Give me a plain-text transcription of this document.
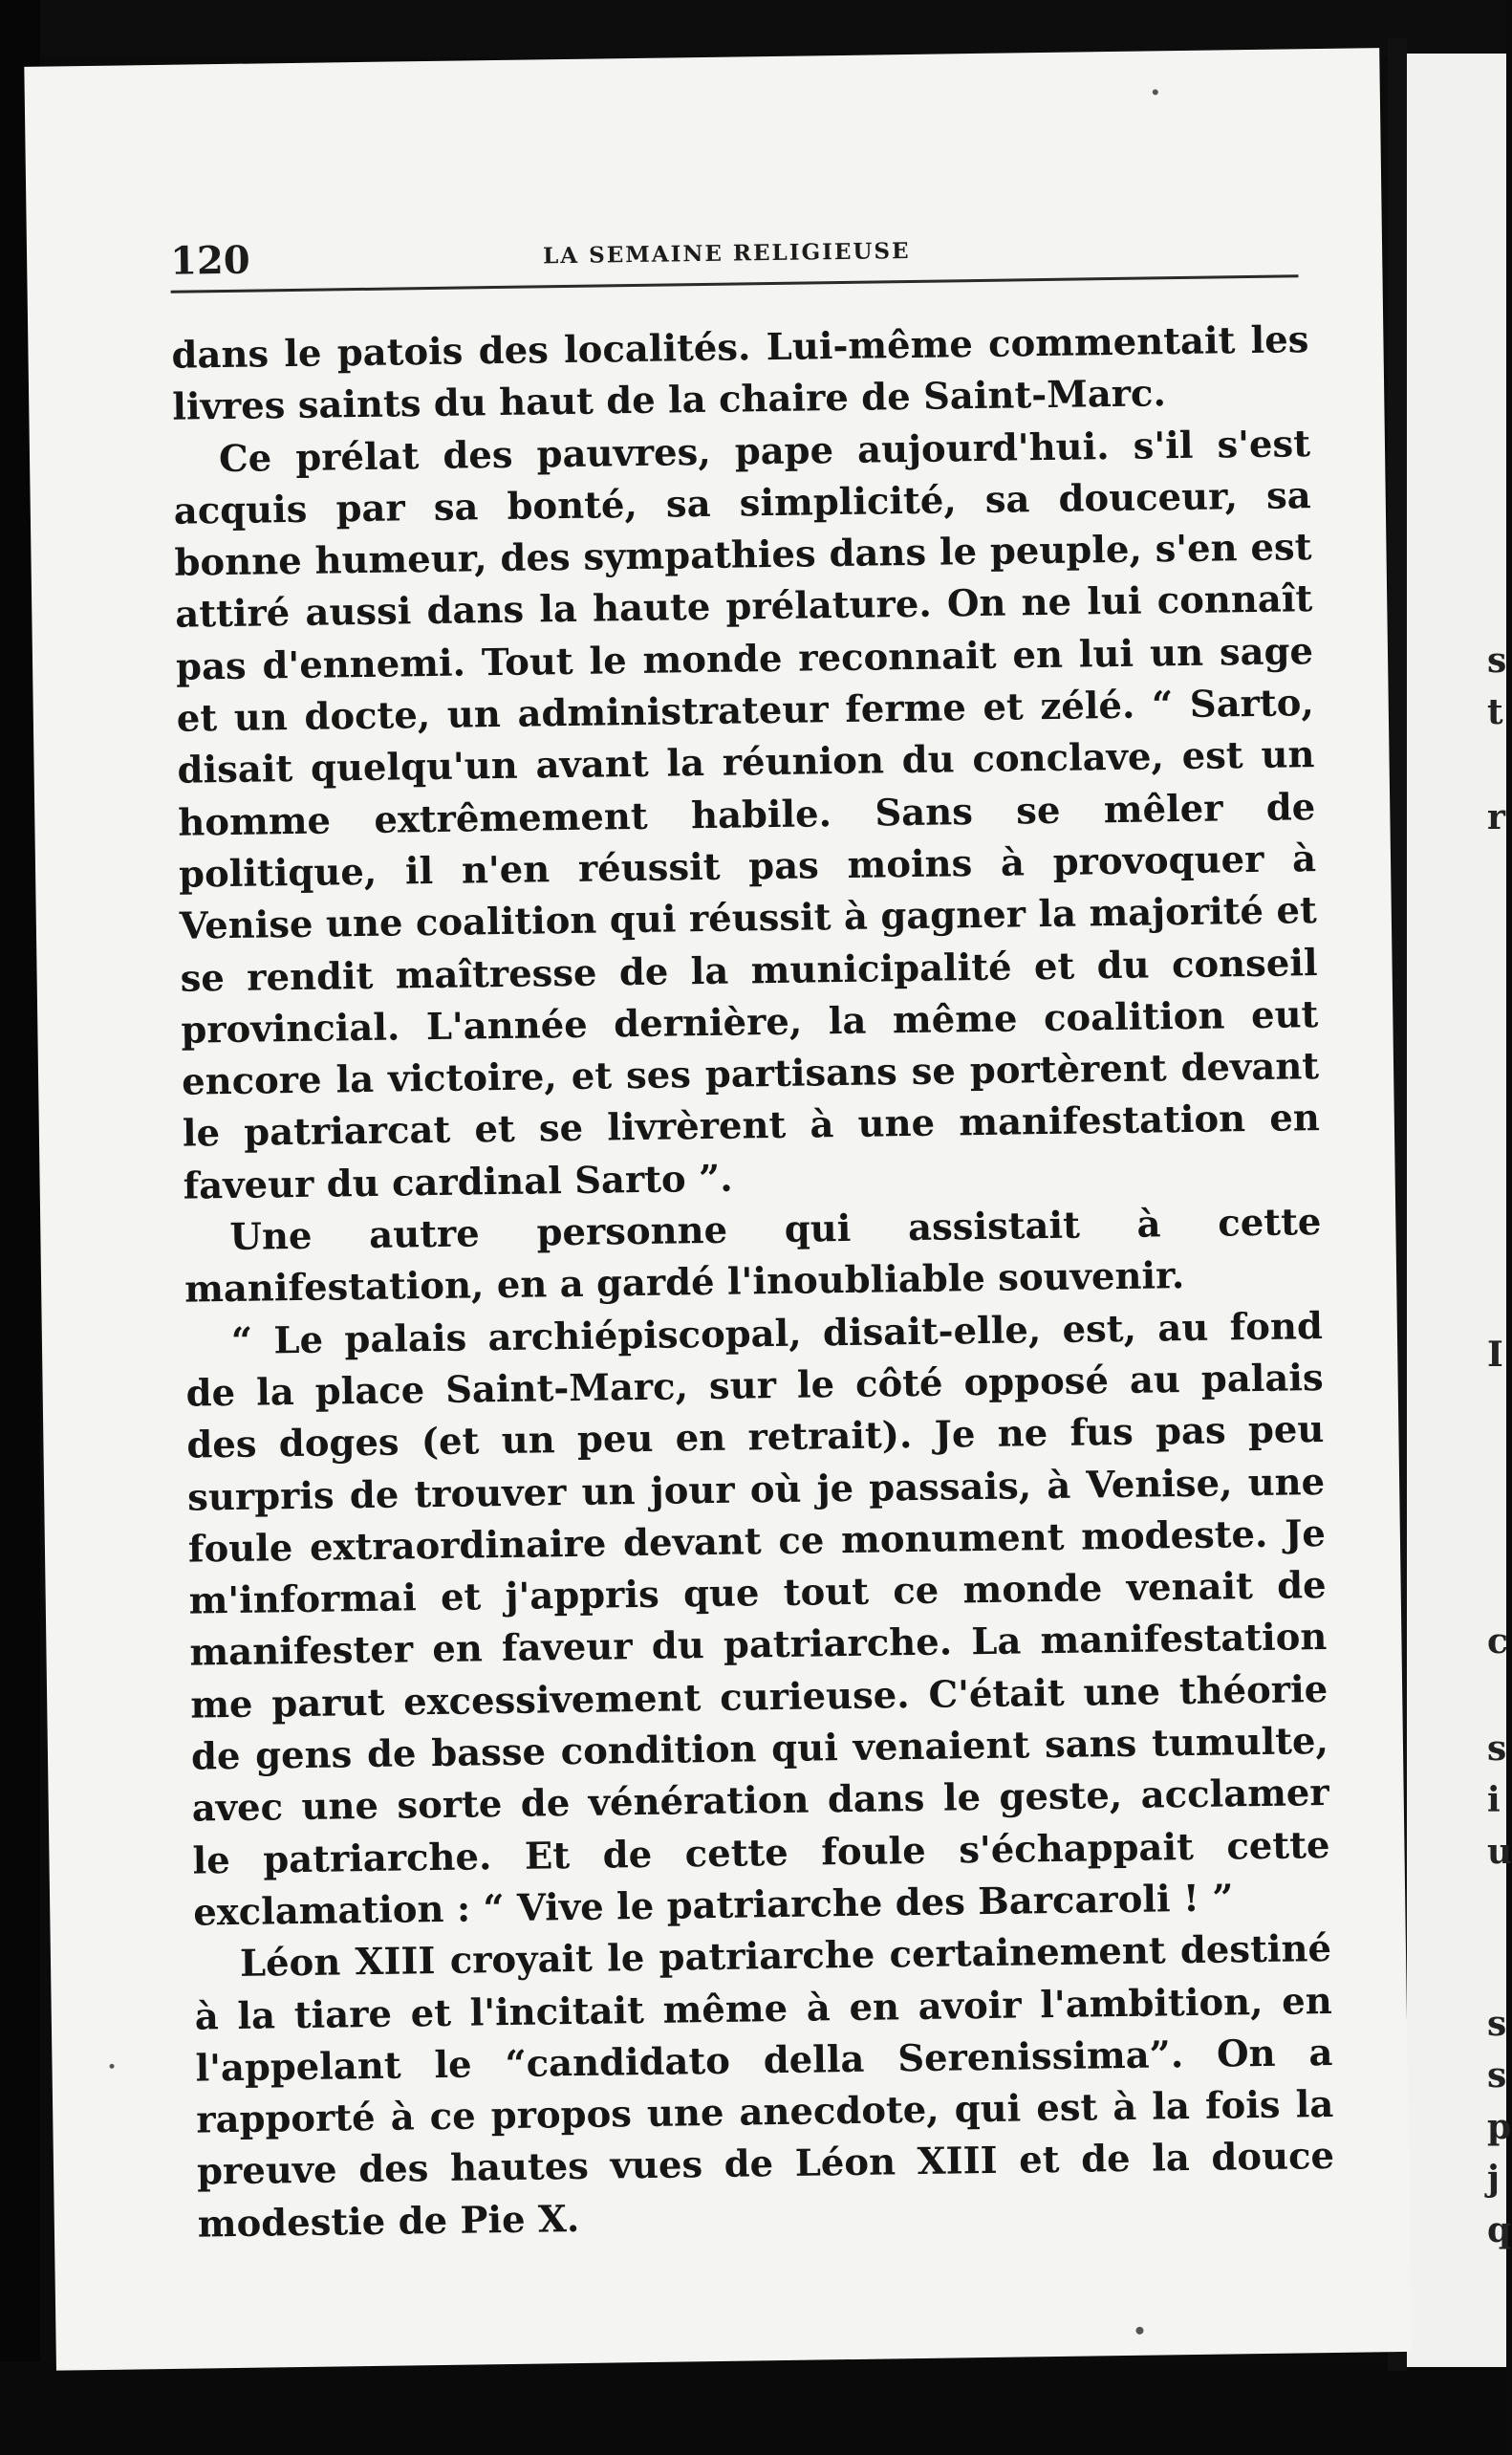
s
t
r
I
c
s
i
u
s
s
p
j
q
120	LA SEMAINE RELIGIEUSE

dans le patois des localités. Lui-même commentait les livres saints du haut de la chaire de Saint-Marc.

Ce prélat des pauvres, pape aujourd'hui. s'il s'est acquis par sa bonté, sa simplicité, sa douceur, sa bonne humeur, des sympathies dans le peuple, s'en est attiré aussi dans la haute prélature. On ne lui connaît pas d'ennemi. Tout le monde reconnait en lui un sage et un docte, un administrateur ferme et zélé. “ Sarto, disait quelqu'un avant la réunion du conclave, est un homme extrêmement habile. Sans se mêler de politique, il n'en réussit pas moins à provoquer à Venise une coalition qui réussit à gagner la majorité et se rendit maîtresse de la municipalité et du conseil provincial. L'année dernière, la même coalition eut encore la victoire, et ses partisans se portèrent devant le patriarcat et se livrèrent à une manifestation en faveur du cardinal Sarto ”.

Une autre personne qui assistait à cette manifestation, en a gardé l'inoubliable souvenir.

“ Le palais archiépiscopal, disait-elle, est, au fond de la place Saint-Marc, sur le côté opposé au palais des doges (et un peu en retrait). Je ne fus pas peu surpris de trouver un jour où je passais, à Venise, une foule extraordinaire devant ce monument modeste. Je m'informai et j'appris que tout ce monde venait de manifester en faveur du patriarche. La manifestation me parut excessivement curieuse. C'était une théorie de gens de basse condition qui venaient sans tumulte, avec une sorte de vénération dans le geste, acclamer le patriarche. Et de cette foule s'échappait cette exclamation : “ Vive le patriarche des Barcaroli ! ”

Léon XIII croyait le patriarche certainement destiné à la tiare et l'incitait même à en avoir l'ambition, en l'appelant le “candidato della Serenissima”. On a rapporté à ce propos une anecdote, qui est à la fois la preuve des hautes vues de Léon XIII et de la douce modestie de Pie X.
